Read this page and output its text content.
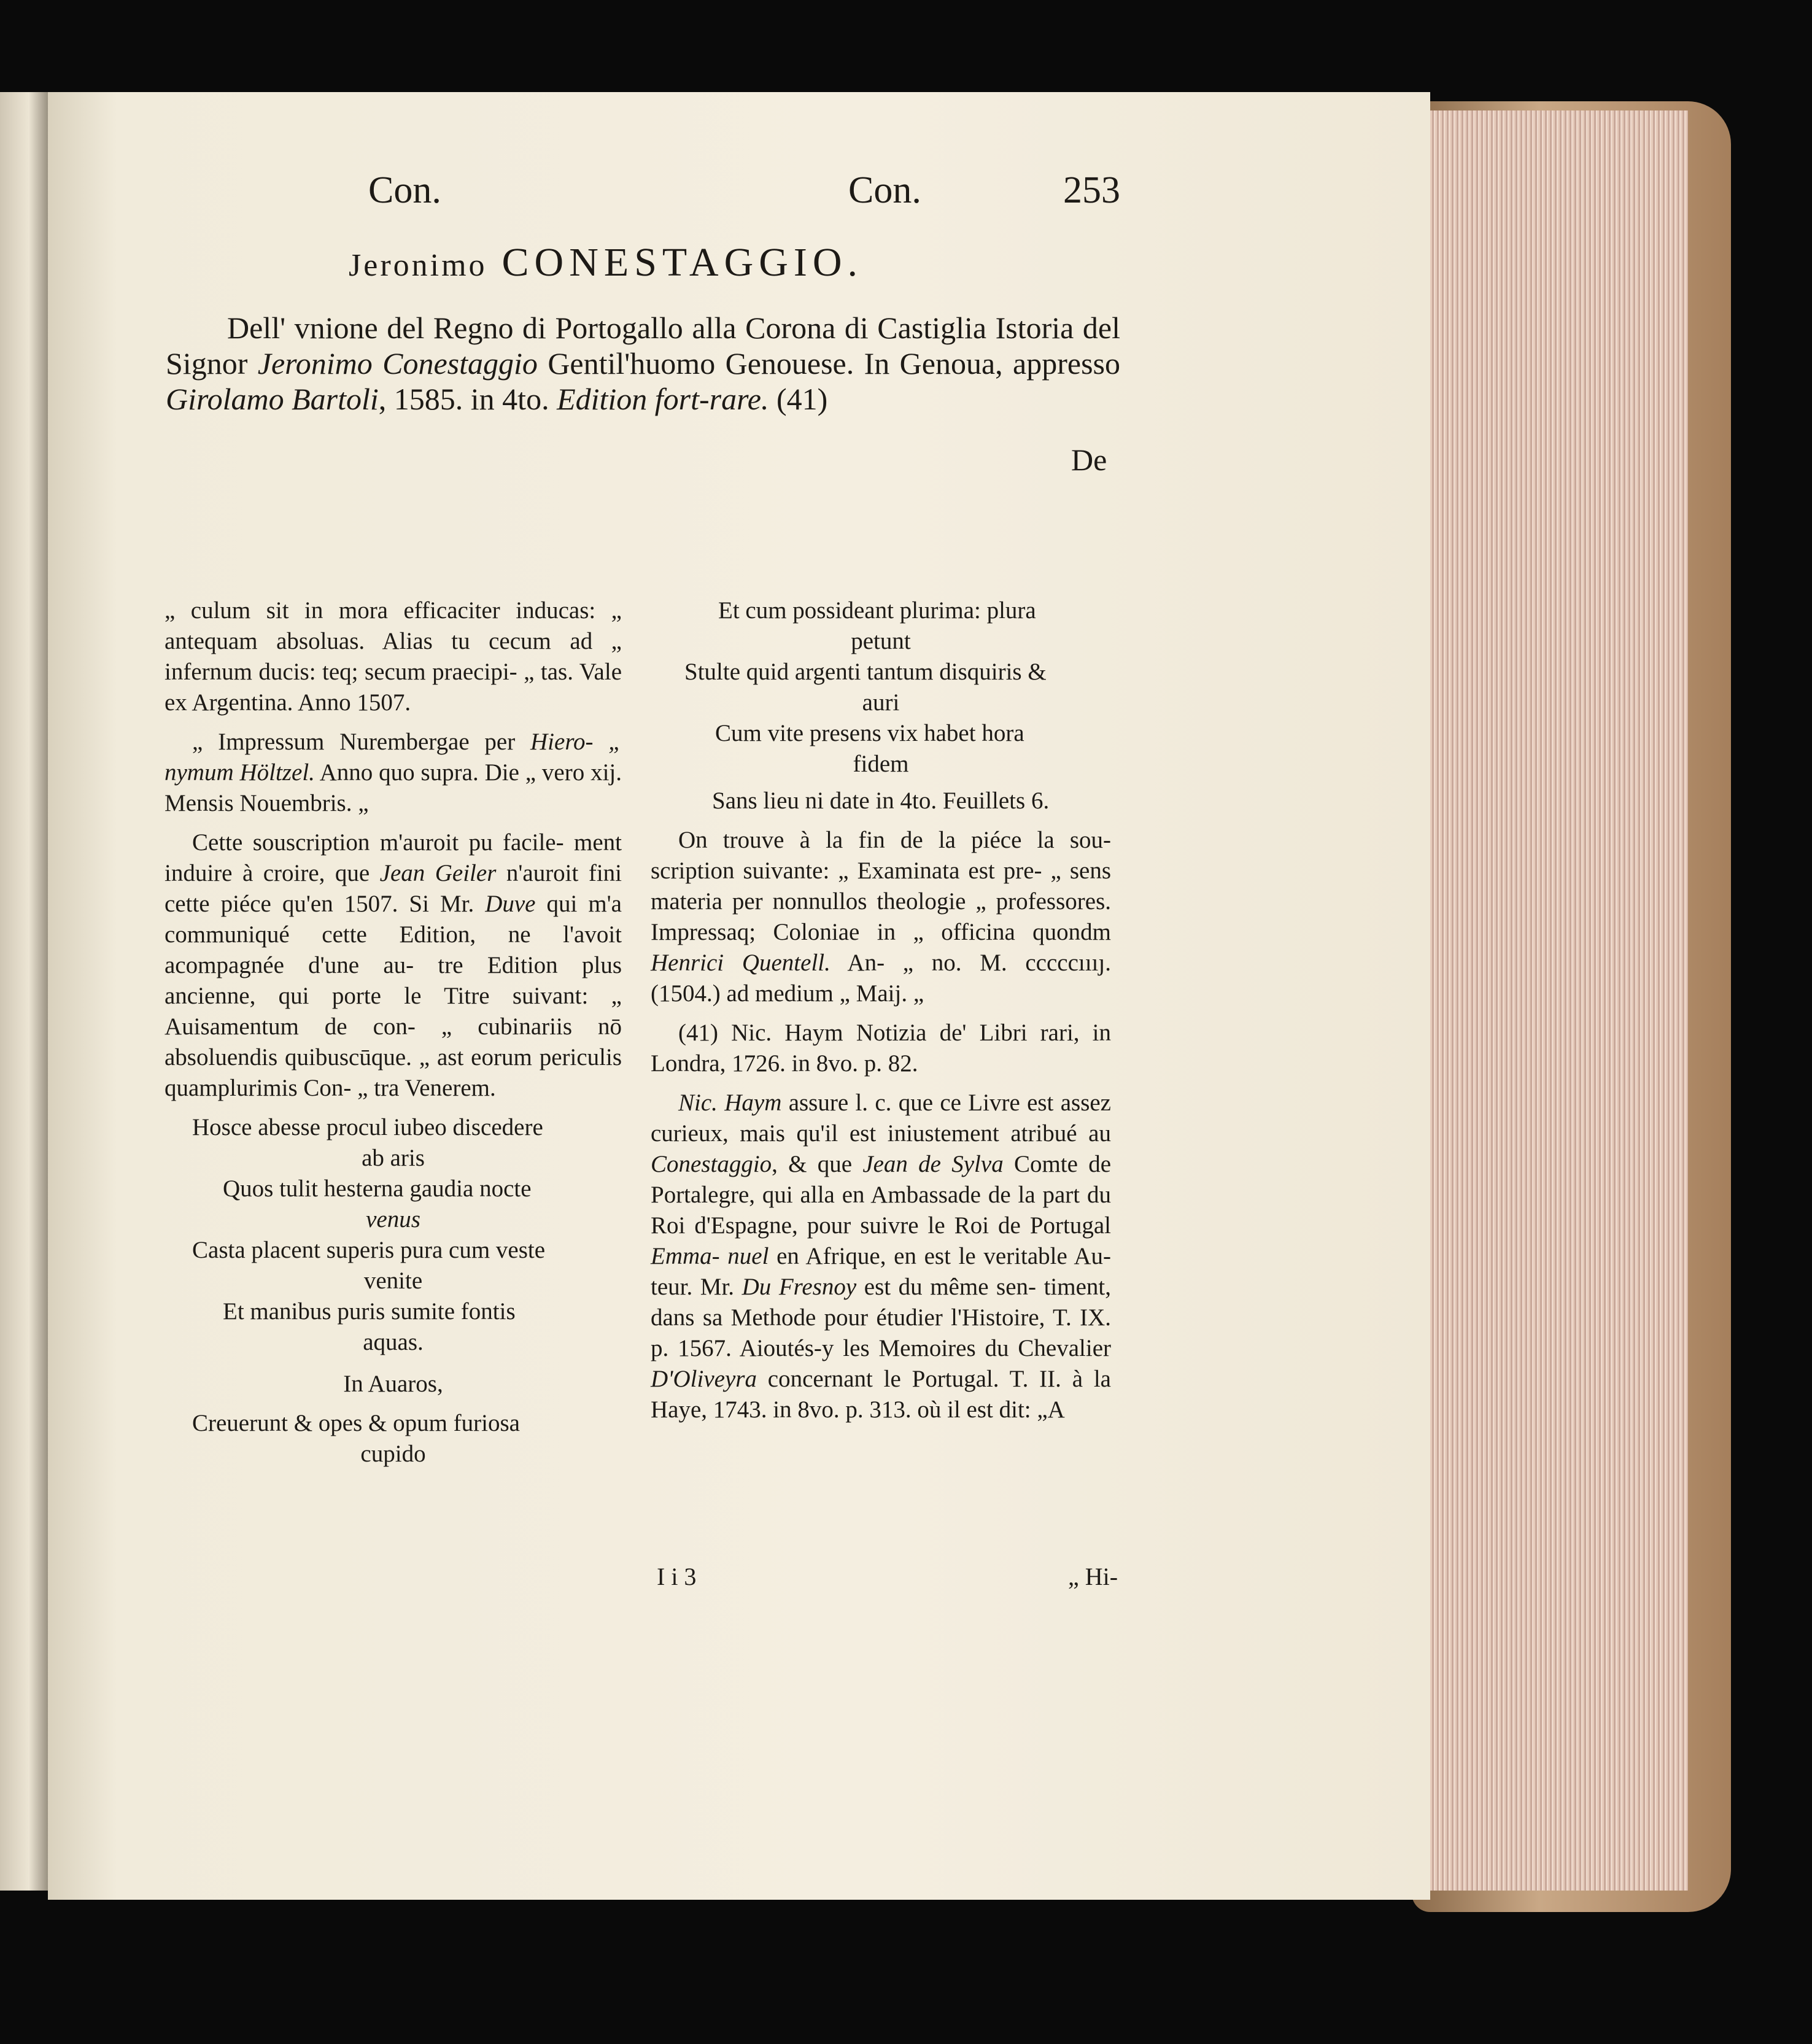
Con.	Con.	253
Jeronimo CONESTAGGIO.

Dell' vnione del Regno di Portogallo alla Corona di Castiglia Istoria del Signor Jeronimo Conestaggio Gentil'huomo Genouese. In Genoua, appresso Girolamo Bartoli, 1585. in 4to. Edition fort-rare. (41)

De

„ culum sit in mora efficaciter inducas: „ antequam absoluas. Alias tu cecum ad „ infernum ducis: teq; secum praecipi- „ tas. Vale ex Argentina. Anno 1507.

„ Impressum Nurembergae per Hiero- „ nymum Höltzel. Anno quo supra. Die „ vero xij. Mensis Nouembris. „

Cette souscription m'auroit pu facile- ment induire à croire, que Jean Geiler n'auroit fini cette piéce qu'en 1507. Si Mr. Duve qui m'a communiqué cette Edition, ne l'avoit acompagnée d'une au- tre Edition plus ancienne, qui porte le Titre suivant: „ Auisamentum de con- „ cubinariis nō absoluendis quibuscūque. „ ast eorum periculis quamplurimis Con- „ tra Venerem.

Hosce abesse procul iubeo discedere
ab aris
Quos tulit hesterna gaudia nocte
venus
Casta placent superis pura cum veste
venite
Et manibus puris sumite fontis
aquas.

In Auaros,

Creuerunt & opes & opum furiosa
cupido
Et cum possideant plurima: plura
petunt
Stulte quid argenti tantum disquiris &
auri
Cum vite presens vix habet hora
fidem

Sans lieu ni date in 4to. Feuillets 6.

On trouve à la fin de la piéce la sou- scription suivante: „ Examinata est pre- „ sens materia per nonnullos theologie „ professores. Impressaq; Coloniae in „ officina quondm Henrici Quentell. An- „ no. M. cccccıııȷ. (1504.) ad medium „ Maij. „

(41) Nic. Haym Notizia de' Libri rari, in Londra, 1726. in 8vo. p. 82.

Nic. Haym assure l. c. que ce Livre est assez curieux, mais qu'il est iniustement atribué au Conestaggio, & que Jean de Sylva Comte de Portalegre, qui alla en Ambassade de la part du Roi d'Espagne, pour suivre le Roi de Portugal Emma- nuel en Afrique, en est le veritable Au- teur. Mr. Du Fresnoy est du même sen- timent, dans sa Methode pour étudier l'Histoire, T. IX. p. 1567. Aioutés-y les Memoires du Chevalier D'Oliveyra concernant le Portugal. T. II. à la Haye, 1743. in 8vo. p. 313. où il est dit: „A

I i 3	„ Hi-
